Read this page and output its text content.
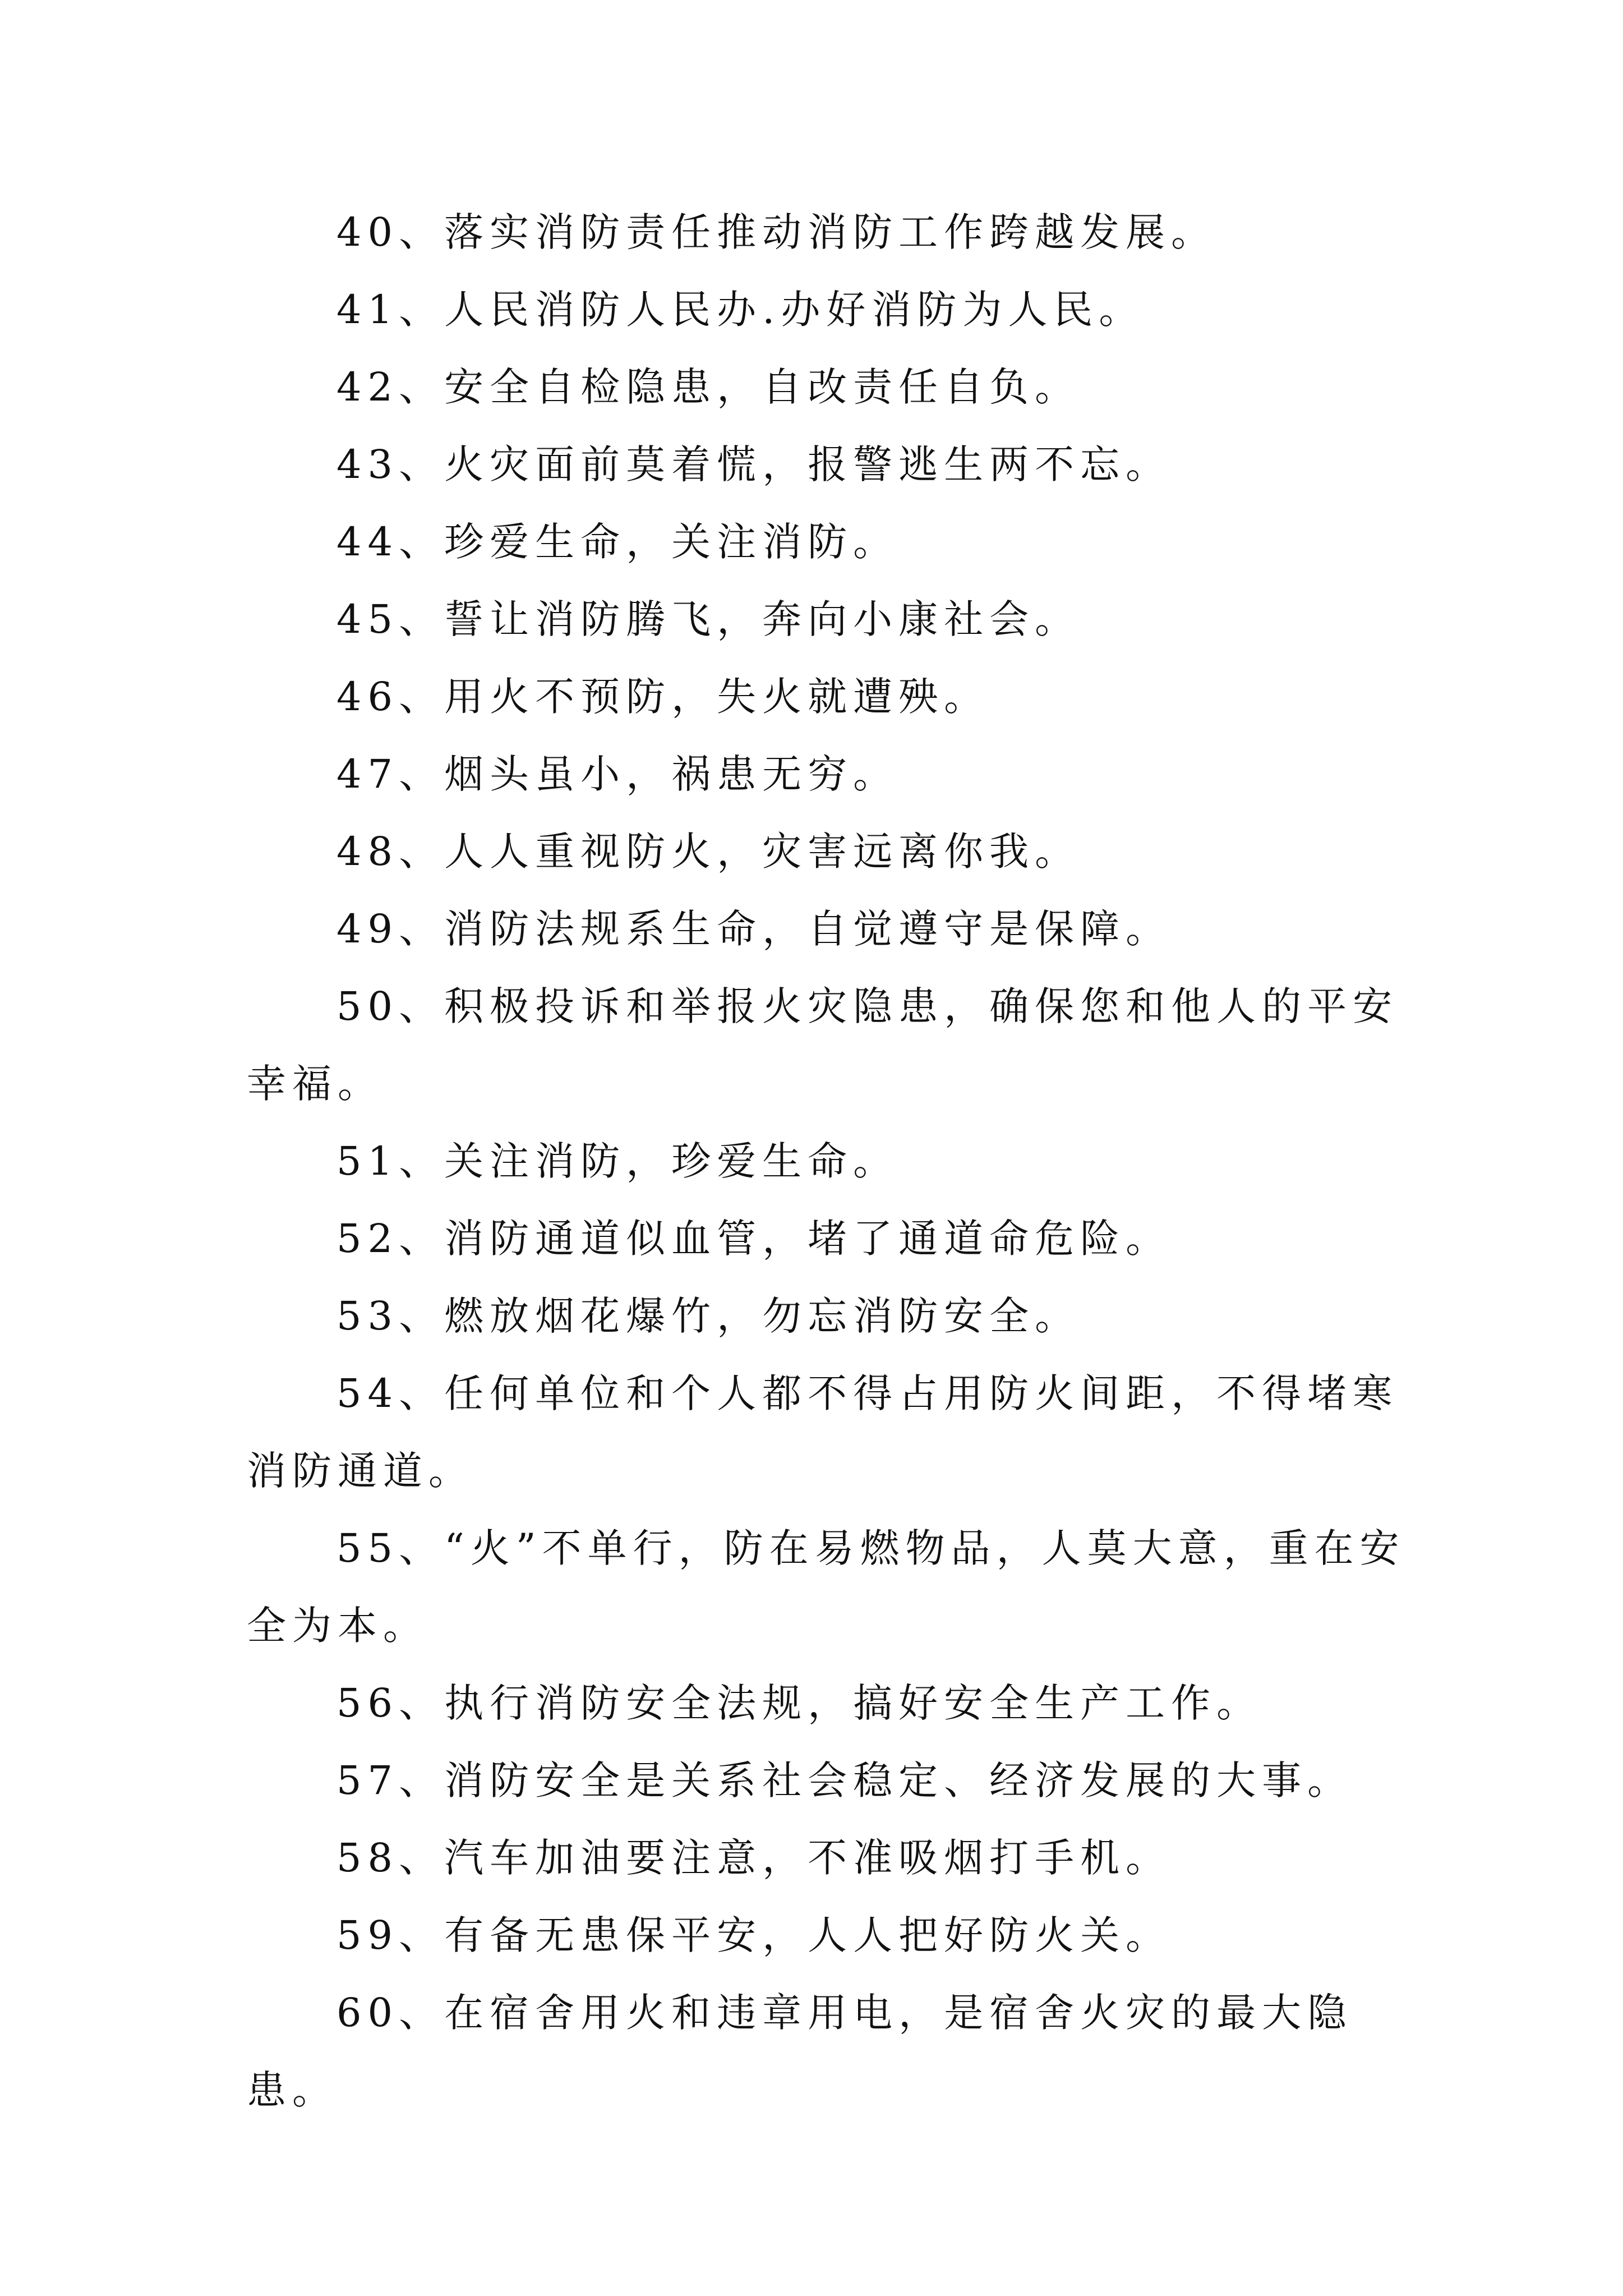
40、落实消防责任推动消防工作跨越发展。

41、人民消防人民办.办好消防为人民。

42、安全自检隐患，自改责任自负。

43、火灾面前莫着慌，报警逃生两不忘。

44、珍爱生命，关注消防。

45、誓让消防腾飞，奔向小康社会。

46、用火不预防，失火就遭殃。

47、烟头虽小，祸患无穷。

48、人人重视防火，灾害远离你我。

49、消防法规系生命，自觉遵守是保障。

50、积极投诉和举报火灾隐患，确保您和他人的平安幸福。

51、关注消防，珍爱生命。

52、消防通道似血管，堵了通道命危险。

53、燃放烟花爆竹，勿忘消防安全。

54、任何单位和个人都不得占用防火间距，不得堵寒消防通道。

55、“火”不单行，防在易燃物品，人莫大意，重在安全为本。

56、执行消防安全法规，搞好安全生产工作。

57、消防安全是关系社会稳定、经济发展的大事。

58、汽车加油要注意，不准吸烟打手机。

59、有备无患保平安，人人把好防火关。

60、在宿舍用火和违章用电，是宿舍火灾的最大隐患。
